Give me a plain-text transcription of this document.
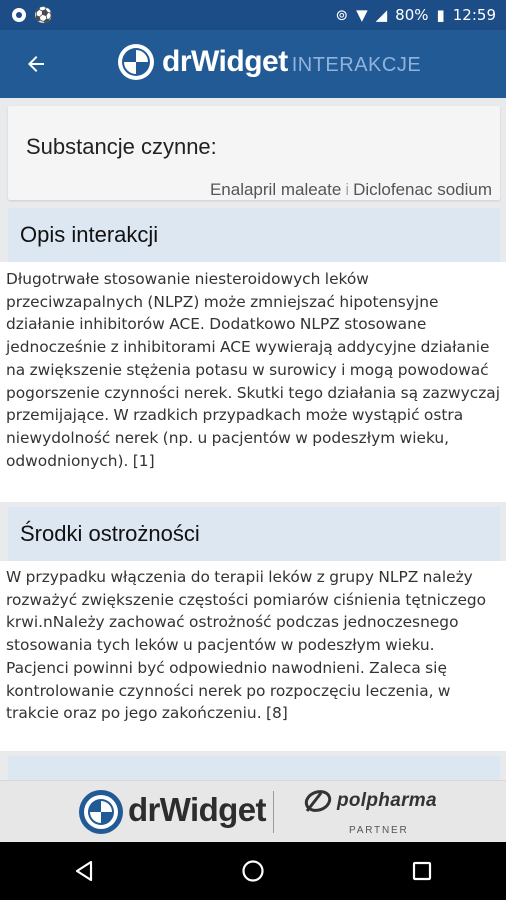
⚽	⊚ ▼ ◢ 80% ▮ 12:59
drWidget INTERAKCJE
Substancje czynne:
Enalapril maleate i Diclofenac sodium
Opis interakcji
Długotrwałe stosowanie niesteroidowych leków przeciwzapalnych (NLPZ) może zmniejszać hipotensyjne działanie inhibitorów ACE. Dodatkowo NLPZ stosowane jednocześnie z inhibitorami ACE wywierają addycyjne działanie na zwiększenie stężenia potasu w surowicy i mogą powodować pogorszenie czynności nerek. Skutki tego działania są zazwyczaj przemijające. W rzadkich przypadkach może wystąpić ostra niewydolność nerek (np. u pacjentów w podeszłym wieku, odwodnionych). [1]
Środki ostrożności
W przypadku włączenia do terapii leków z grupy NLPZ należy rozważyć zwiększenie częstości pomiarów ciśnienia tętniczego krwi.nNależy zachować ostrożność podczas jednoczesnego stosowania tych leków u pacjentów w podeszłym wieku. Pacjenci powinni być odpowiednio nawodnieni. Zaleca się kontrolowanie czynności nerek po rozpoczęciu leczenia, w trakcie oraz po jego zakończeniu. [8]
drWidget	polpharma
PARTNER
